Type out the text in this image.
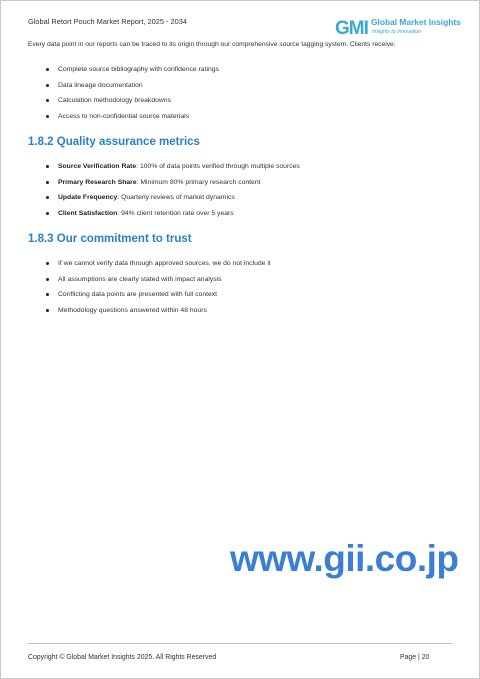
Global Retort Pouch Market Report, 2025 - 2034	GMI Global Market Insights
Insights to Innovation
Every data point in our reports can be traced to its origin through our comprehensive source tagging system. Clients receive:
Complete source bibliography with confidence ratings
Data lineage documentation
Calculation methodology breakdowns
Access to non-confidential source materials
1.8.2 Quality assurance metrics
Source Verification Rate: 100% of data points verified through multiple sources
Primary Research Share: Minimum 80% primary research content
Update Frequency: Quarterly reviews of market dynamics
Client Satisfaction: 94% client retention rate over 5 years
1.8.3 Our commitment to trust
If we cannot verify data through approved sources, we do not include it
All assumptions are clearly stated with impact analysis
Conflicting data points are presented with full context
Methodology questions answered within 48 hours
www.gii.co.jp
Copyright © Global Market Insights 2025. All Rights Reserved	Page | 20
